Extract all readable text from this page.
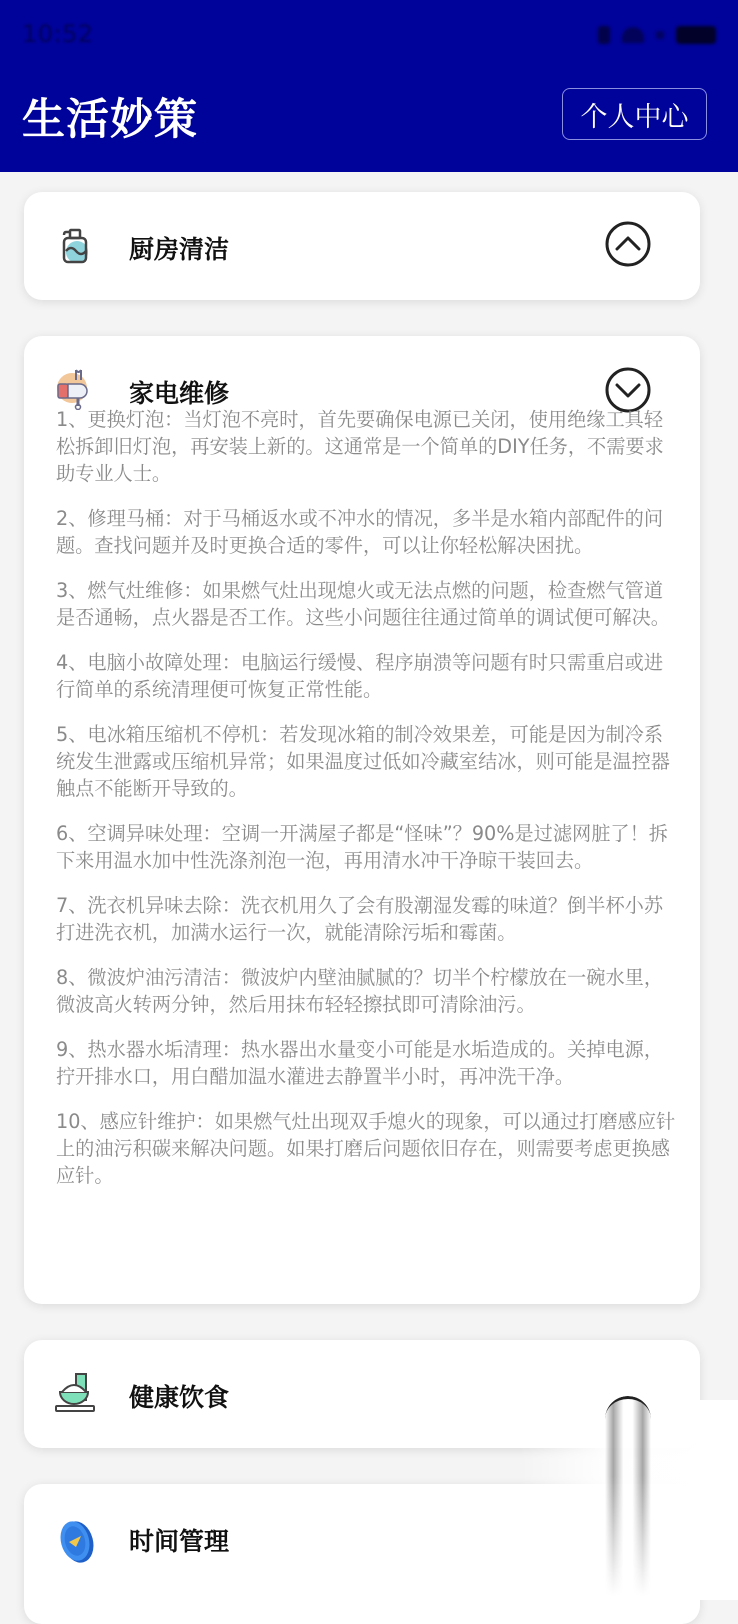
10:52
生活妙策	个人中心
厨房清洁
家电维修

1、更换灯泡：当灯泡不亮时，首先要确保电源已关闭，使用绝缘工具轻松拆卸旧灯泡，再安装上新的。这通常是一个简单的DIY任务，不需要求助专业人士。

2、修理马桶：对于马桶返水或不冲水的情况，多半是水箱内部配件的问题。查找问题并及时更换合适的零件，可以让你轻松解决困扰。

3、燃气灶维修：如果燃气灶出现熄火或无法点燃的问题，检查燃气管道是否通畅，点火器是否工作。这些小问题往往通过简单的调试便可解决。

4、电脑小故障处理：电脑运行缓慢、程序崩溃等问题有时只需重启或进行简单的系统清理便可恢复正常性能。

5、电冰箱压缩机不停机：若发现冰箱的制冷效果差，可能是因为制冷系统发生泄露或压缩机异常；如果温度过低如冷藏室结冰，则可能是温控器触点不能断开导致的。

6、空调异味处理：空调一开满屋子都是“怪味”？90%是过滤网脏了！拆下来用温水加中性洗涤剂泡一泡，再用清水冲干净晾干装回去。

7、洗衣机异味去除：洗衣机用久了会有股潮湿发霉的味道？倒半杯小苏打进洗衣机，加满水运行一次，就能清除污垢和霉菌。

8、微波炉油污清洁：微波炉内壁油腻腻的？切半个柠檬放在一碗水里，微波高火转两分钟，然后用抹布轻轻擦拭即可清除油污。

9、热水器水垢清理：热水器出水量变小可能是水垢造成的。关掉电源，拧开排水口，用白醋加温水灌进去静置半小时，再冲洗干净。

10、感应针维护：如果燃气灶出现双手熄火的现象，可以通过打磨感应针上的油污积碳来解决问题。如果打磨后问题依旧存在，则需要考虑更换感应针。

健康饮食
时间管理
